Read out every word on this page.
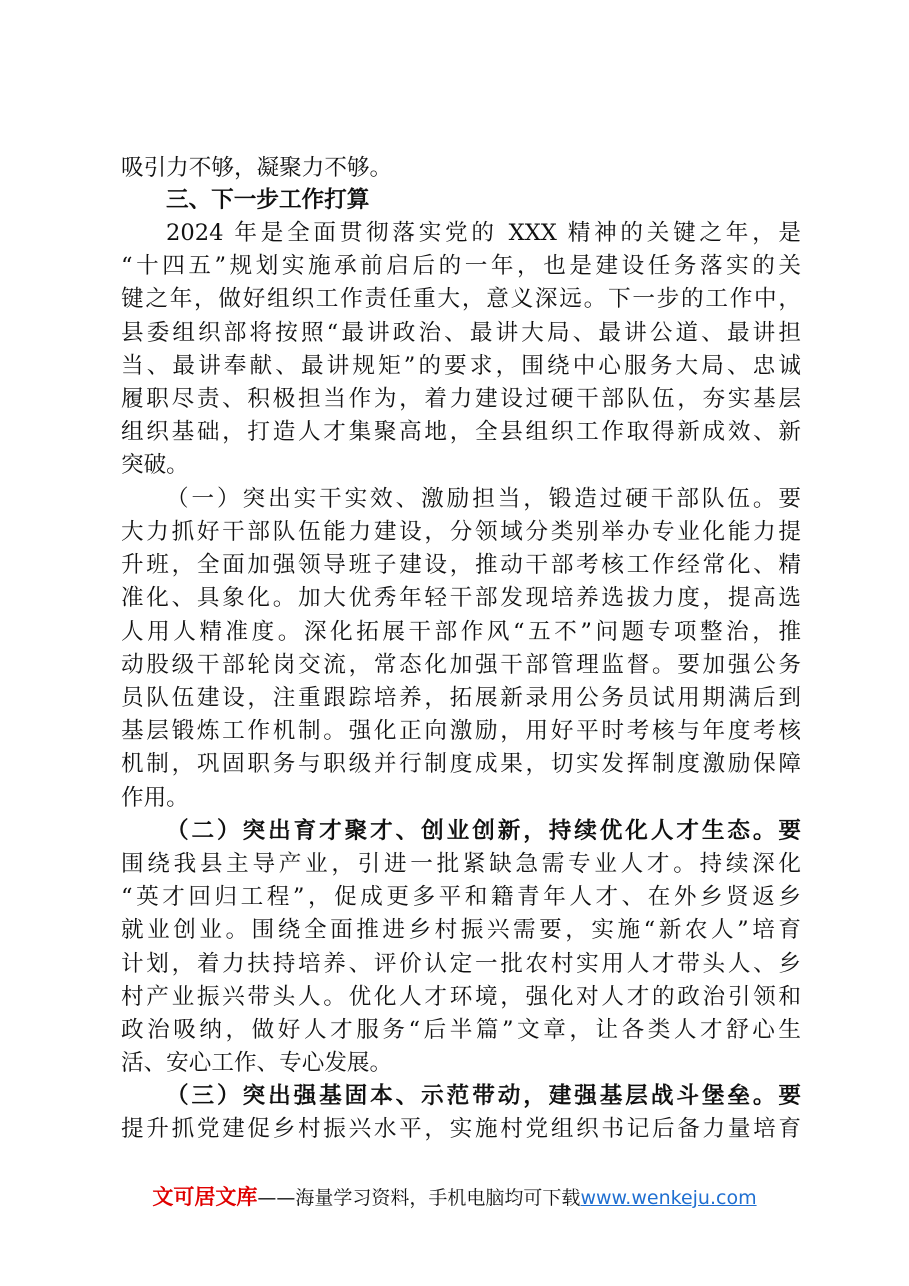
吸引力不够，凝聚力不够。
三、下一步工作打算
2024 年是全面贯彻落实党的 XXX 精神的关键之年，是
“十四五”规划实施承前启后的一年，也是建设任务落实的关
键之年，做好组织工作责任重大，意义深远。下一步的工作中，
县委组织部将按照“最讲政治、最讲大局、最讲公道、最讲担
当、最讲奉献、最讲规矩”的要求，围绕中心服务大局、忠诚
履职尽责、积极担当作为，着力建设过硬干部队伍，夯实基层
组织基础，打造人才集聚高地，全县组织工作取得新成效、新
突破。
（一）突出实干实效、激励担当，锻造过硬干部队伍。要
大力抓好干部队伍能力建设，分领域分类别举办专业化能力提
升班，全面加强领导班子建设，推动干部考核工作经常化、精
准化、具象化。加大优秀年轻干部发现培养选拔力度，提高选
人用人精准度。深化拓展干部作风“五不”问题专项整治，推
动股级干部轮岗交流，常态化加强干部管理监督。要加强公务
员队伍建设，注重跟踪培养，拓展新录用公务员试用期满后到
基层锻炼工作机制。强化正向激励，用好平时考核与年度考核
机制，巩固职务与职级并行制度成果，切实发挥制度激励保障
作用。
（二）突出育才聚才、创业创新，持续优化人才生态。要
围绕我县主导产业，引进一批紧缺急需专业人才。持续深化
“英才回归工程”，促成更多平和籍青年人才、在外乡贤返乡
就业创业。围绕全面推进乡村振兴需要，实施“新农人”培育
计划，着力扶持培养、评价认定一批农村实用人才带头人、乡
村产业振兴带头人。优化人才环境，强化对人才的政治引领和
政治吸纳，做好人才服务“后半篇”文章，让各类人才舒心生
活、安心工作、专心发展。
（三）突出强基固本、示范带动，建强基层战斗堡垒。要
提升抓党建促乡村振兴水平，实施村党组织书记后备力量培育
文可居文库——海量学习资料，手机电脑均可下载www.wenkeju.com
